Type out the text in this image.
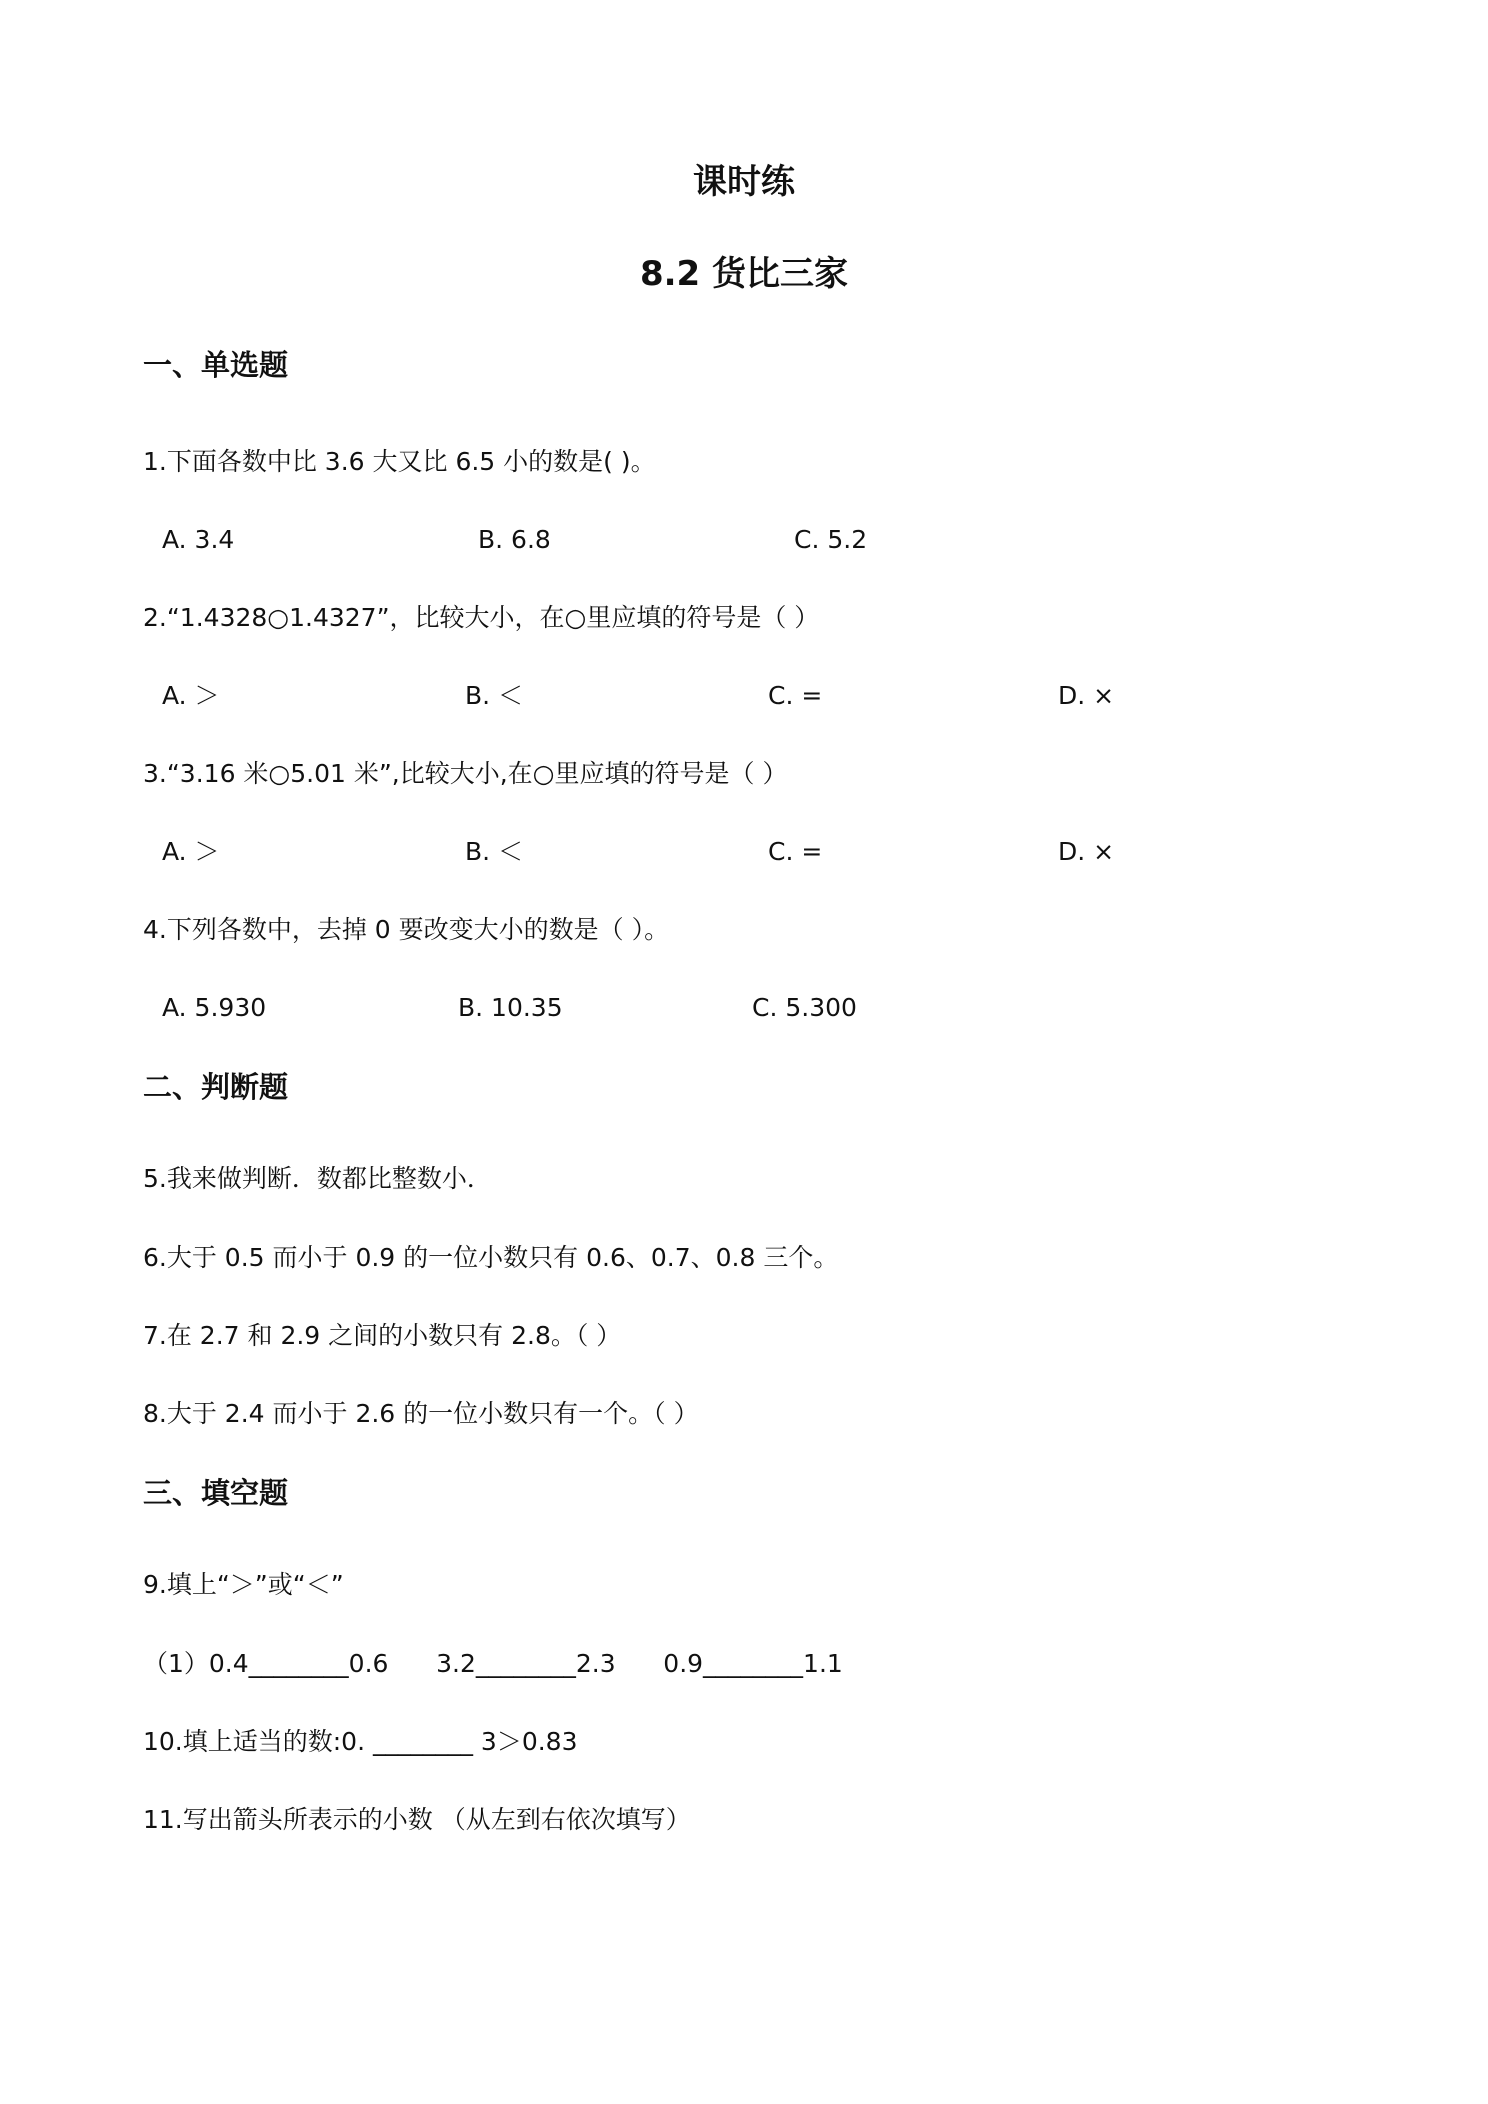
课时练
8.2 货比三家
一、单选题
1.下面各数中比 3.6 大又比 6.5 小的数是( )。
A. 3.4	B. 6.8	C. 5.2
2.“1.4328○1.4327”，比较大小，在○里应填的符号是（ ）
A. ＞	B. ＜	C. =	D. ×
3.“3.16 米○5.01 米”,比较大小,在○里应填的符号是（ ）
A. ＞	B. ＜	C. =	D. ×
4.下列各数中，去掉 0 要改变大小的数是（ ）。
A. 5.930	B. 10.35	C. 5.300
二、判断题
5.我来做判断．数都比整数小．
6.大于 0.5 而小于 0.9 的一位小数只有 0.6、0.7、0.8 三个。
7.在 2.7 和 2.9 之间的小数只有 2.8。（ ）
8.大于 2.4 而小于 2.6 的一位小数只有一个。（ ）
三、填空题
9.填上“＞”或“＜”
（1）0.4________0.6      3.2________2.3      0.9________1.1
10.填上适当的数:0. ________ 3＞0.83
11.写出箭头所表示的小数 （从左到右依次填写）
